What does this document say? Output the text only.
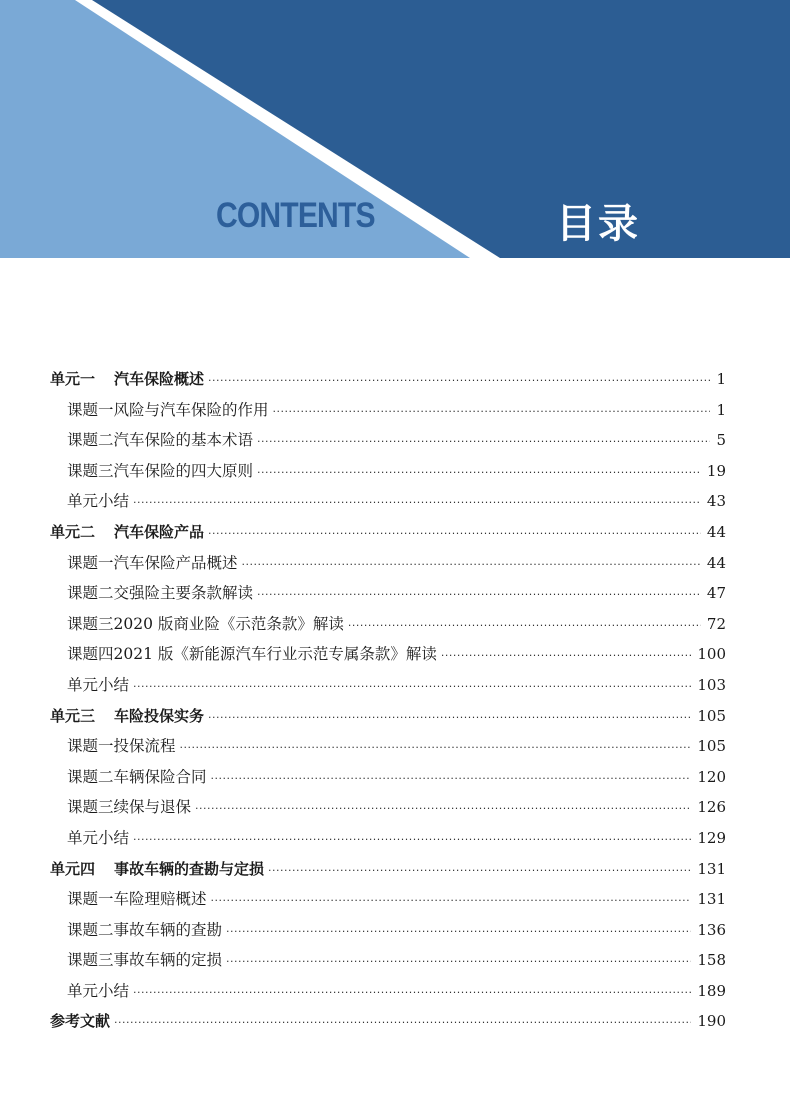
CONTENTS	目录
单元一	汽车保险概述 ·····	1
课题一 风险与汽车保险的作用 ·····	1
课题二 汽车保险的基本术语 ·····	5
课题三 汽车保险的四大原则 ·····	19
单元小结 ·····	43
单元二	汽车保险产品 ·····	44
课题一 汽车保险产品概述 ·····	44
课题二 交强险主要条款解读 ·····	47
课题三 2020 版商业险《示范条款》解读 ·····	72
课题四 2021 版《新能源汽车行业示范专属条款》解读 ·····	100
单元小结 ·····	103
单元三	车险投保实务 ·····	105
课题一 投保流程 ·····	105
课题二 车辆保险合同 ·····	120
课题三 续保与退保 ·····	126
单元小结 ·····	129
单元四	事故车辆的查勘与定损 ·····	131
课题一 车险理赔概述 ·····	131
课题二 事故车辆的查勘 ·····	136
课题三 事故车辆的定损 ·····	158
单元小结 ·····	189
参考文献 ·····	190
